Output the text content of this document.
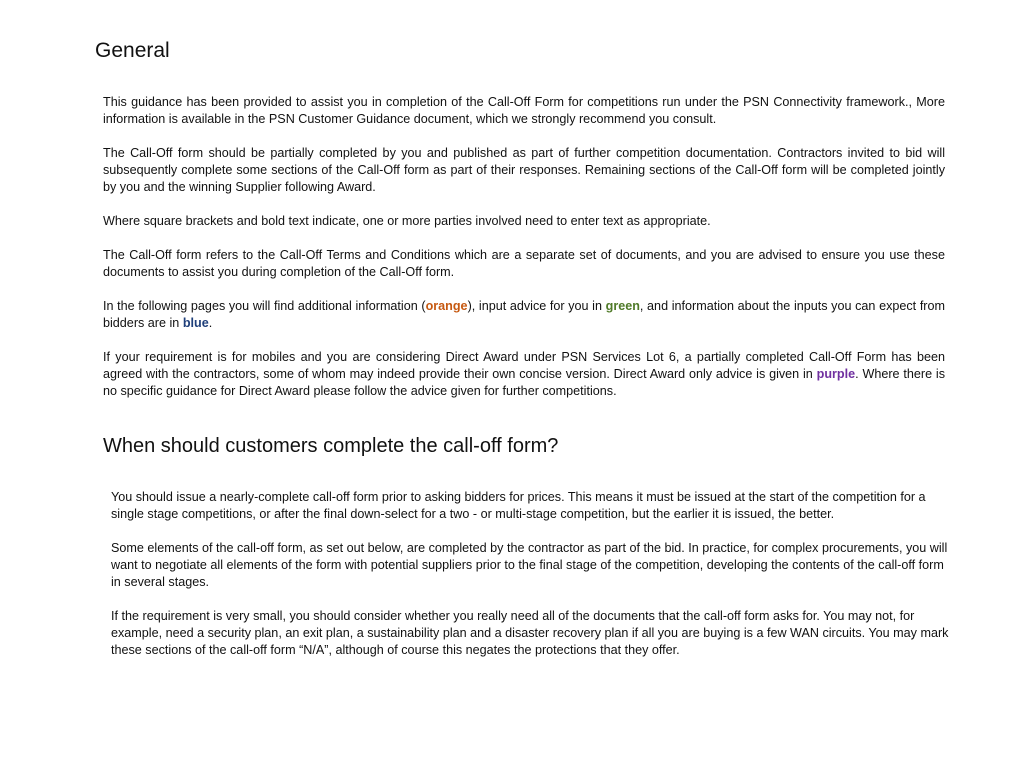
General

This guidance has been provided to assist you in completion of the Call-Off Form for competitions run under the PSN Connectivity framework., More information is available in the PSN Customer Guidance document, which we strongly recommend you consult.

The Call-Off form should be partially completed by you and published as part of further competition documentation. Contractors invited to bid will subsequently complete some sections of the Call-Off form as part of their responses. Remaining sections of the Call-Off form will be completed jointly by you and the winning Supplier following Award.

Where square brackets and bold text indicate, one or more parties involved need to enter text as appropriate.

The Call-Off form refers to the Call-Off Terms and Conditions which are a separate set of documents, and you are advised to ensure you use these documents to assist you during completion of the Call-Off form.

In the following pages you will find additional information (orange), input advice for you in green, and information about the inputs you can expect from bidders are in blue.

If your requirement is for mobiles and you are considering Direct Award under PSN Services Lot 6, a partially completed Call-Off Form has been agreed with the contractors, some of whom may indeed provide their own concise version. Direct Award only advice is given in purple. Where there is no specific guidance for Direct Award please follow the advice given for further competitions.

When should customers complete the call-off form?

You should issue a nearly-complete call-off form prior to asking bidders for prices. This means it must be issued at the start of the competition for a single stage competitions, or after the final down-select for a two - or multi-stage competition, but the earlier it is issued, the better.

Some elements of the call-off form, as set out below, are completed by the contractor as part of the bid. In practice, for complex procurements, you will want to negotiate all elements of the form with potential suppliers prior to the final stage of the competition, developing the contents of the call-off form in several stages.

If the requirement is very small, you should consider whether you really need all of the documents that the call-off form asks for. You may not, for example, need a security plan, an exit plan, a sustainability plan and a disaster recovery plan if all you are buying is a few WAN circuits. You may mark these sections of the call-off form “N/A”, although of course this negates the protections that they offer.
